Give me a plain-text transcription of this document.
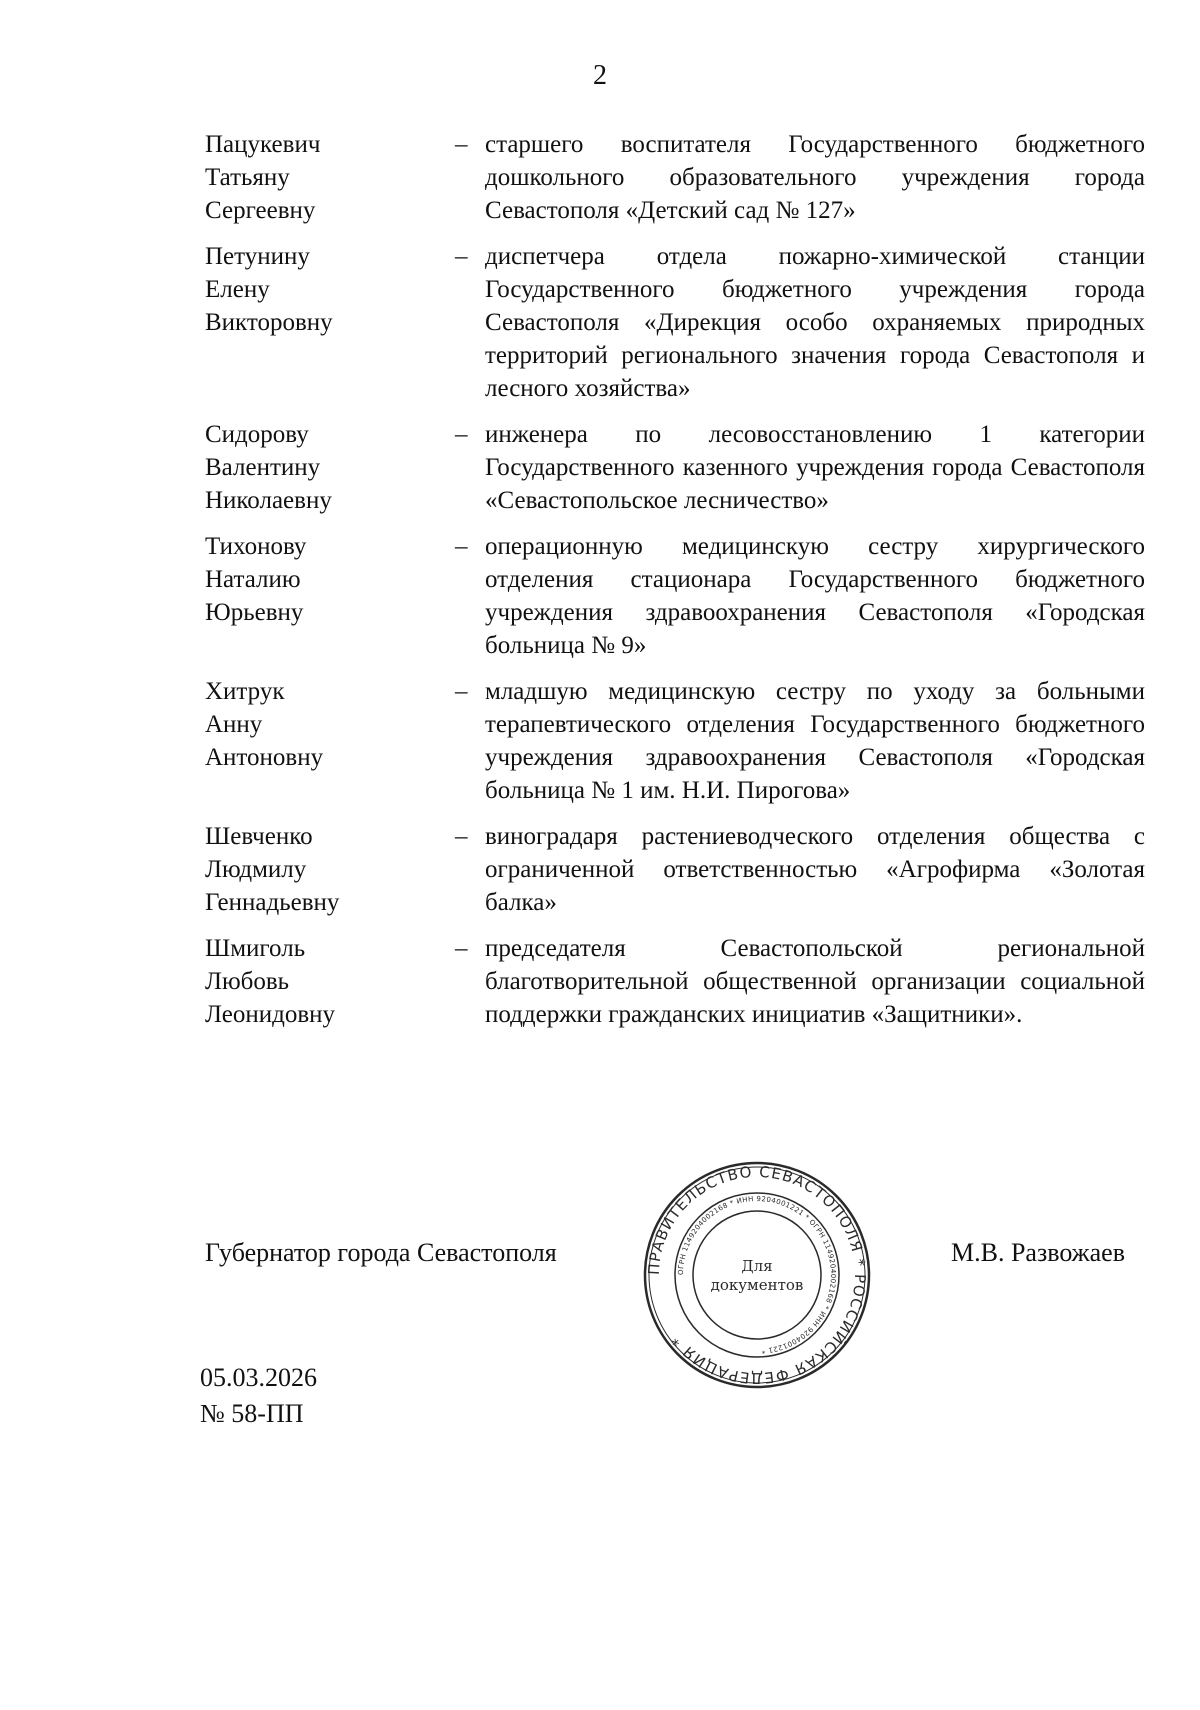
2
Пацукевич
Татьяну
Сергеевну
– старшего воспитателя Государственного бюджетного дошкольного образовательного учреждения города Севастополя «Детский сад № 127»
Петунину
Елену
Викторовну
– диспетчера отдела пожарно-химической станции Государственного бюджетного учреждения города Севастополя «Дирекция особо охраняемых природных территорий регионального значения города Севастополя и лесного хозяйства»
Сидорову
Валентину
Николаевну
– инженера по лесовосстановлению 1 категории Государственного казенного учреждения города Севастополя «Севастопольское лесничество»
Тихонову
Наталию
Юрьевну
– операционную медицинскую сестру хирургического отделения стационара Государственного бюджетного учреждения здравоохранения Севастополя «Городская больница № 9»
Хитрук
Анну
Антоновну
– младшую медицинскую сестру по уходу за больными терапевтического отделения Государственного бюджетного учреждения здравоохранения Севастополя «Городская больница № 1 им. Н.И. Пирогова»
Шевченко
Людмилу
Геннадьевну
– виноградаря растениеводческого отделения общества с ограниченной ответственностью «Агрофирма «Золотая балка»
Шмиголь
Любовь
Леонидовну
– председателя Севастопольской региональной благотворительной общественной организации социальной поддержки гражданских инициатив «Защитники».
Губернатор города Севастополя
ПРАВИТЕЛЬСТВО СЕВАСТОПОЛЯ * РОССИЙСКАЯ ФЕДЕРАЦИЯ *
ОГРН 1149204002168 * ИНН 9204001221 * ОГРН 1149204002168 * ИНН 9204001221 *
Для
документов
М.В. Развожаев
05.03.2026
№ 58-ПП
